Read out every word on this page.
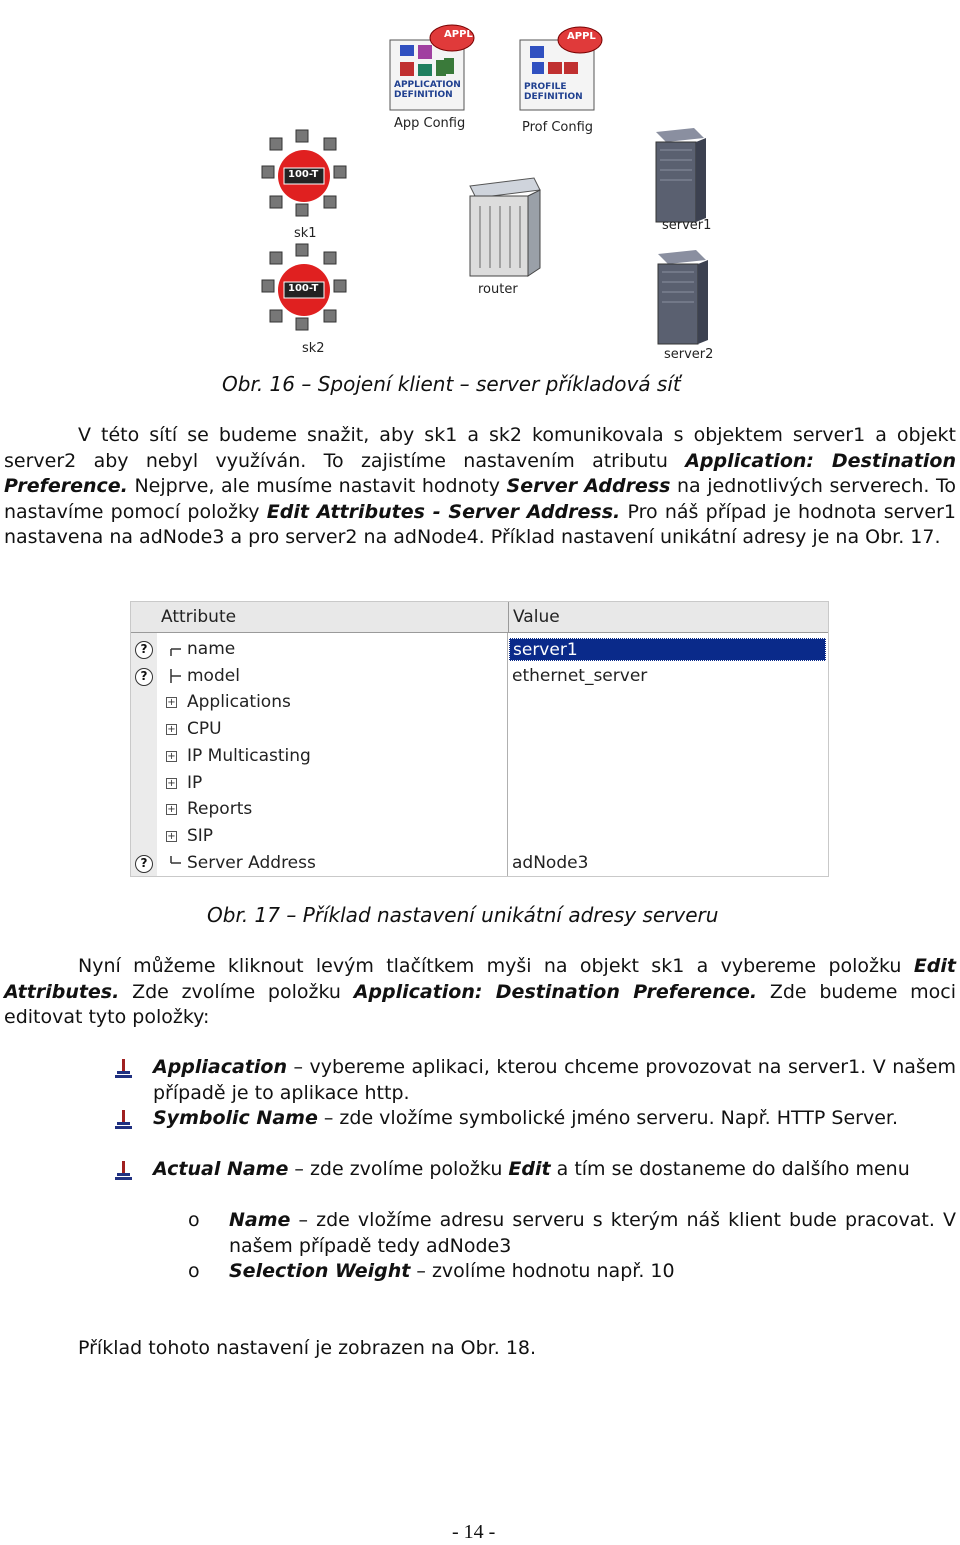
APPL
APPLICATION DEFINITION
App Config
APPL
PROFILE DEFINITION
Prof Config
100-T
sk1
100-T
sk2
router
server1
server2
Obr. 16 – Spojení klient – server příkladová síť
V této sítí se budeme snažit, aby sk1 a sk2 komunikovala s objektem server1 a objekt server2 aby nebyl využíván. To zajistíme nastavením atributu Application: Destination Preference. Nejprve, ale musíme nastavit hodnoty Server Address na jednotlivých serverech. To nastavíme pomocí položky Edit Attributes - Server Address. Pro náš případ je hodnota server1 nastavena na adNode3 a pro server2 na adNode4. Příklad nastavení unikátní adresy je na Obr. 17.
Attribute	Value
?	name	server1
?	model	ethernet_server
+ Applications
+ CPU
+ IP Multicasting
+ IP
+ Reports
+ SIP
?	Server Address	adNode3
Obr. 17 – Příklad nastavení unikátní adresy serveru
Nyní můžeme kliknout levým tlačítkem myši na objekt sk1 a vybereme položku Edit Attributes. Zde zvolíme položku Application: Destination Preference. Zde budeme moci editovat tyto položky:
Appliacation – vybereme aplikaci, kterou chceme provozovat na server1. V našem případě je to aplikace http.
Symbolic Name – zde vložíme symbolické jméno serveru. Např. HTTP Server.
Actual Name – zde zvolíme položku Edit a tím se dostaneme do dalšího menu
o Name – zde vložíme adresu serveru s kterým náš klient bude pracovat. V našem případě tedy adNode3
o Selection Weight – zvolíme hodnotu např. 10
Příklad tohoto nastavení je zobrazen na Obr. 18.
- 14 -
